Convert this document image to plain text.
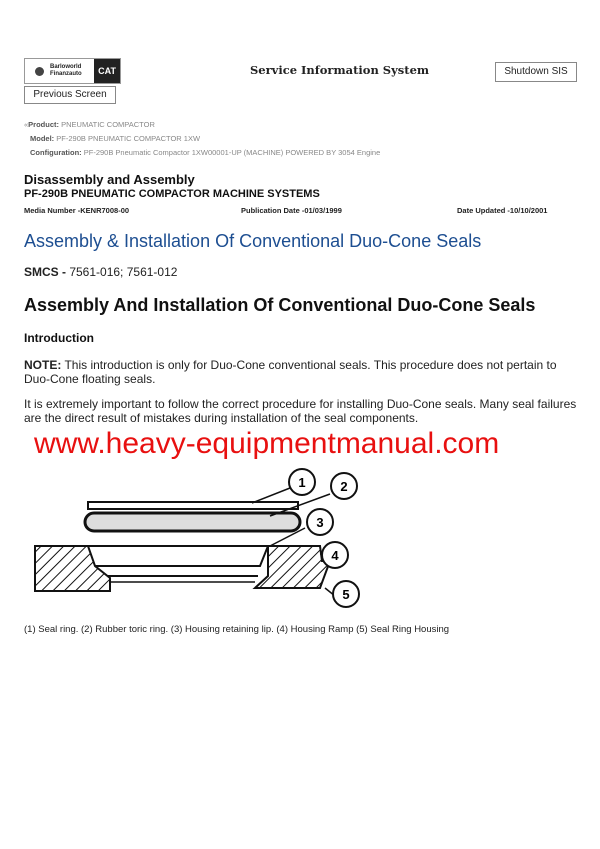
Barloworld
Finanzauto	CAT	Service Information System	Shutdown SIS
Previous Screen
«Product: PNEUMATIC COMPACTOR
Model: PF-290B PNEUMATIC COMPACTOR 1XW
Configuration: PF-290B Pneumatic Compactor 1XW00001-UP (MACHINE) POWERED BY 3054 Engine
Disassembly and Assembly
PF-290B PNEUMATIC COMPACTOR MACHINE SYSTEMS
Media Number -KENR7008-00	Publication Date -01/03/1999	Date Updated -10/10/2001
Assembly & Installation Of Conventional Duo-Cone Seals
SMCS - 7561-016; 7561-012
Assembly And Installation Of Conventional Duo-Cone Seals
Introduction
NOTE: This introduction is only for Duo-Cone conventional seals. This procedure does not pertain to Duo-Cone floating seals.
It is extremely important to follow the correct procedure for installing Duo-Cone seals. Many seal failures are the direct result of mistakes during installation of the seal components.
www.heavy-equipmentmanual.com
1	2
3
4
5
(1) Seal ring. (2) Rubber toric ring. (3) Housing retaining lip. (4) Housing Ramp (5) Seal Ring Housing
